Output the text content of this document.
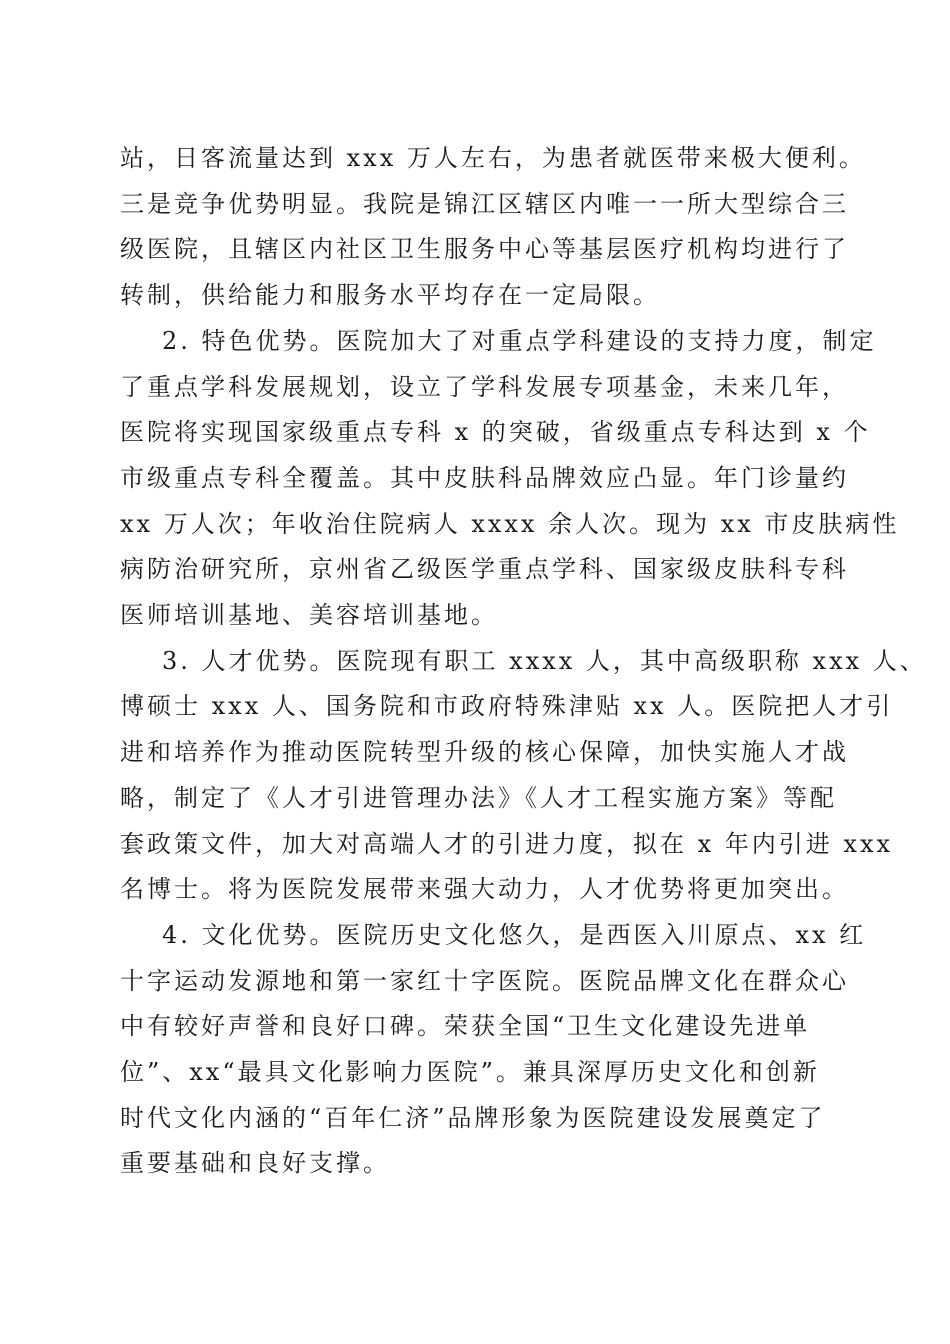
站，日客流量达到 xxx 万人左右，为患者就医带来极大便利。
三是竞争优势明显。我院是锦江区辖区内唯一一所大型综合三
级医院，且辖区内社区卫生服务中心等基层医疗机构均进行了
转制，供给能力和服务水平均存在一定局限。
2. 特色优势。医院加大了对重点学科建设的支持力度，制定
了重点学科发展规划，设立了学科发展专项基金，未来几年，
医院将实现国家级重点专科 x 的突破，省级重点专科达到 x 个
市级重点专科全覆盖。其中皮肤科品牌效应凸显。年门诊量约
xx 万人次；年收治住院病人 xxxx 余人次。现为 xx 市皮肤病性
病防治研究所，京州省乙级医学重点学科、国家级皮肤科专科
医师培训基地、美容培训基地。
3. 人才优势。医院现有职工 xxxx 人，其中高级职称 xxx 人、
博硕士 xxx 人、国务院和市政府特殊津贴 xx 人。医院把人才引
进和培养作为推动医院转型升级的核心保障，加快实施人才战
略，制定了《人才引进管理办法》《人才工程实施方案》等配
套政策文件，加大对高端人才的引进力度，拟在 x 年内引进 xxx
名博士。将为医院发展带来强大动力，人才优势将更加突出。
4. 文化优势。医院历史文化悠久，是西医入川原点、xx 红
十字运动发源地和第一家红十字医院。医院品牌文化在群众心
中有较好声誉和良好口碑。荣获全国“卫生文化建设先进单
位”、xx“最具文化影响力医院”。兼具深厚历史文化和创新
时代文化内涵的“百年仁济”品牌形象为医院建设发展奠定了
重要基础和良好支撑。
